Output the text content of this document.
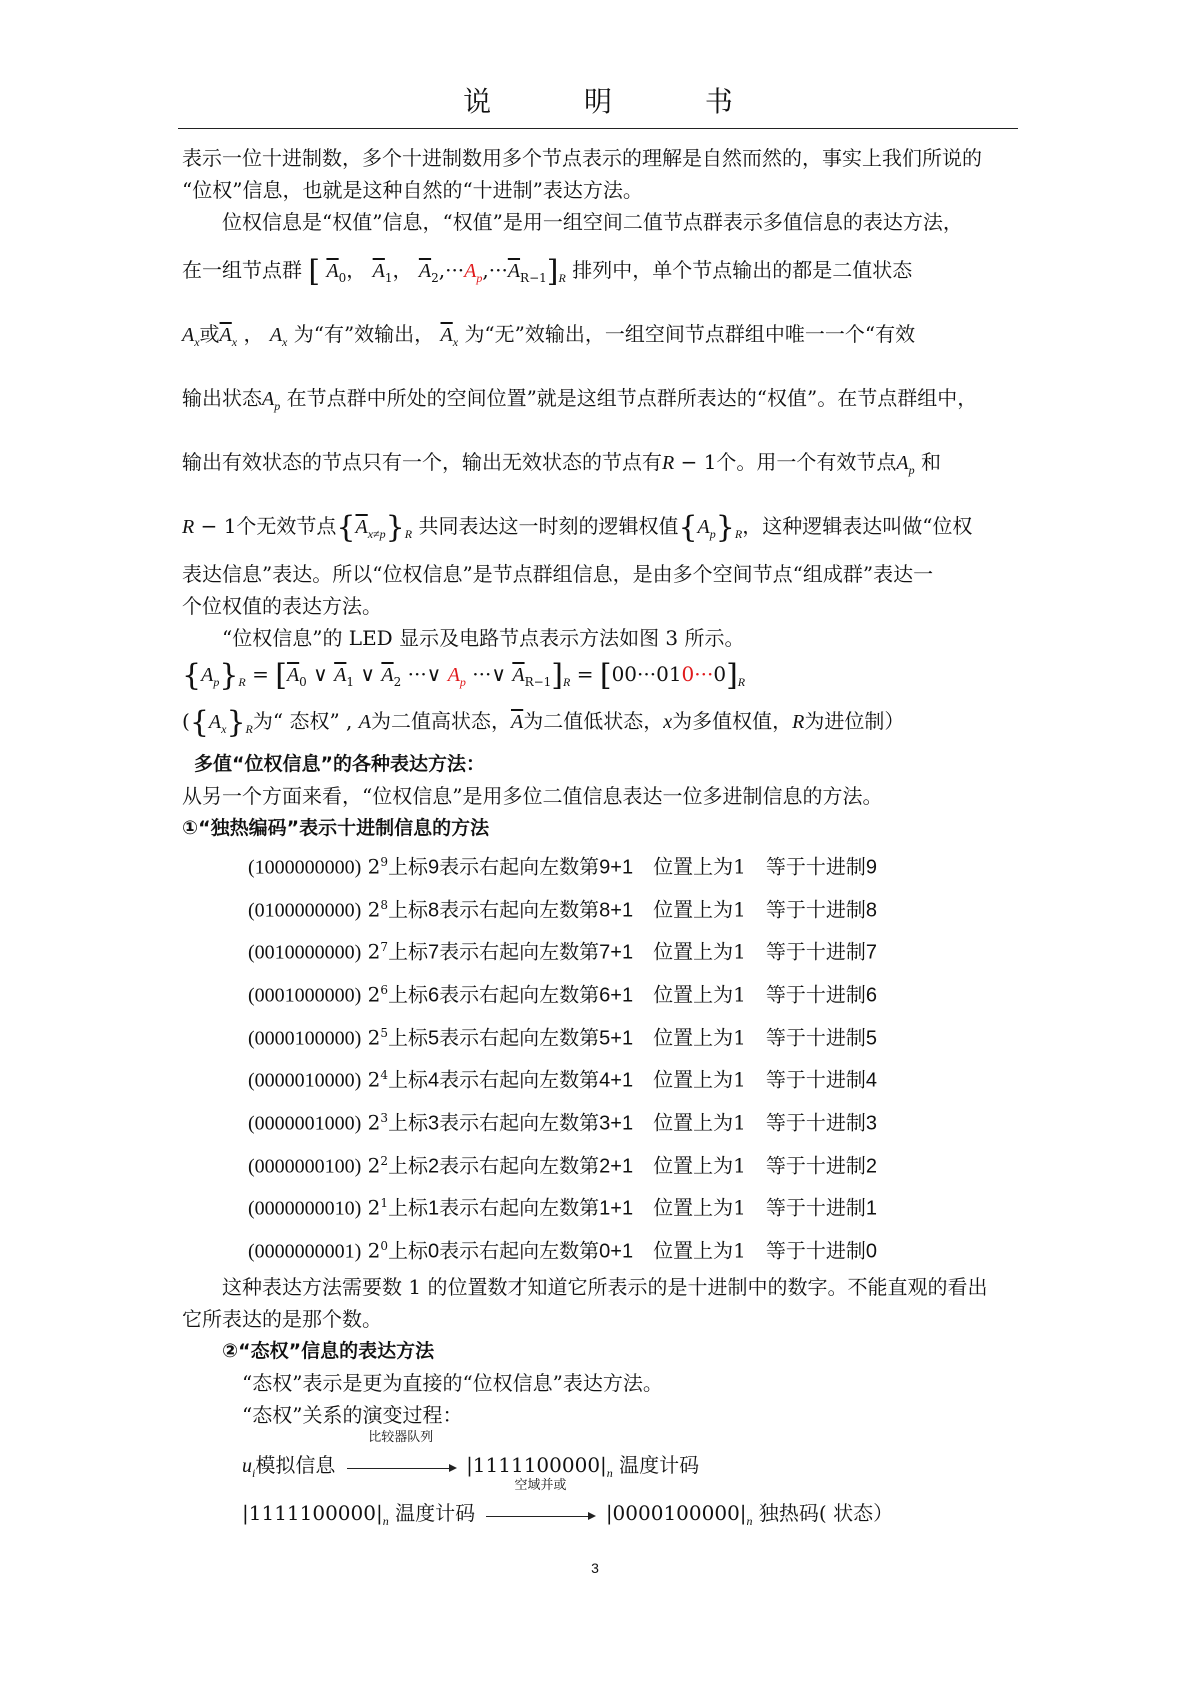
说 明 书

表示一位十进制数，多个十进制数用多个节点表示的理解是自然而然的，事实上我们所说的

“位权”信息，也就是这种自然的“十进制”表达方法。

位权信息是“权值”信息，“权值”是用一组空间二值节点群表示多值信息的表达方法，

在一组节点群 [ $\overline{A}_0$， $\overline{A}_1$， $\overline{A}_2,\cdot\cdot\cdot A_p,\cdot\cdot\cdot\overline{A}_{R-1}]_R$ 排列中，单个节点输出的都是二值状态

$A_x$或$\overline{A}_x$ ， $A_x$ 为“有”效输出， $\overline{A}_x$ 为“无”效输出，一组空间节点群组中唯一一个“有效

输出状态$A_p$ 在节点群中所处的空间位置”就是这组节点群所表达的“权值”。在节点群组中，

输出有效状态的节点只有一个，输出无效状态的节点有R − 1个。用一个有效节点$A_p$ 和

R − 1个无效节点$\{\overline{A}_{x\ne p}\}_R$ 共同表达这一时刻的逻辑权值$\{A_p\}_R$，这种逻辑表达叫做“位权

表达信息”表达。所以“位权信息”是节点群组信息，是由多个空间节点“组成群”表达一

个位权值的表达方法。

“位权信息”的 LED 显示及电路节点表示方法如图 3 所示。

$\{A_p\}_R = [\overline{A}_0$ ∨ $\overline{A}_1$ ∨ $\overline{A}_2$ ···∨ $A_p$ ···∨ $\overline{A}_{R-1}]_R = [00\cdot\cdot\cdot 010\cdot\cdot\cdot 0]_R$

($\{A_x\}_R$为“ 态权” , A为二值高状态，$\overline{A}$为二值低状态，x为多值权值，R为进位制）

多值“位权信息”的各种表达方法：

从另一个方面来看，“位权信息”是用多位二值信息表达一位多进制信息的方法。

①“独热编码”表示十进制信息的方法

(1000000000) $2^9$上标9表示右起向左数第9+1  位置上为1  等于十进制9

(0100000000) $2^8$上标8表示右起向左数第8+1  位置上为1  等于十进制8

(0010000000) $2^7$上标7表示右起向左数第7+1  位置上为1  等于十进制7

(0001000000) $2^6$上标6表示右起向左数第6+1  位置上为1  等于十进制6

(0000100000) $2^5$上标5表示右起向左数第5+1  位置上为1  等于十进制5

(0000010000) $2^4$上标4表示右起向左数第4+1  位置上为1  等于十进制4

(0000001000) $2^3$上标3表示右起向左数第3+1  位置上为1  等于十进制3

(0000000100) $2^2$上标2表示右起向左数第2+1  位置上为1  等于十进制2

(0000000010) $2^1$上标1表示右起向左数第1+1  位置上为1  等于十进制1

(0000000001) $2^0$上标0表示右起向左数第0+1  位置上为1  等于十进制0

这种表达方法需要数 1 的位置数才知道它所表示的是十进制中的数字。不能直观的看出

它所表达的是那个数。

②“态权”信息的表达方法

“态权”表示是更为直接的“位权信息”表达方法。

“态权”关系的演变过程：

$u_i$模拟信息
比较器队列
$|1111100000|_n$ 温度计码

$|1111100000|_n$ 温度计码
空域并或
$|0000100000|_n$ 独热码( 状态）

3
